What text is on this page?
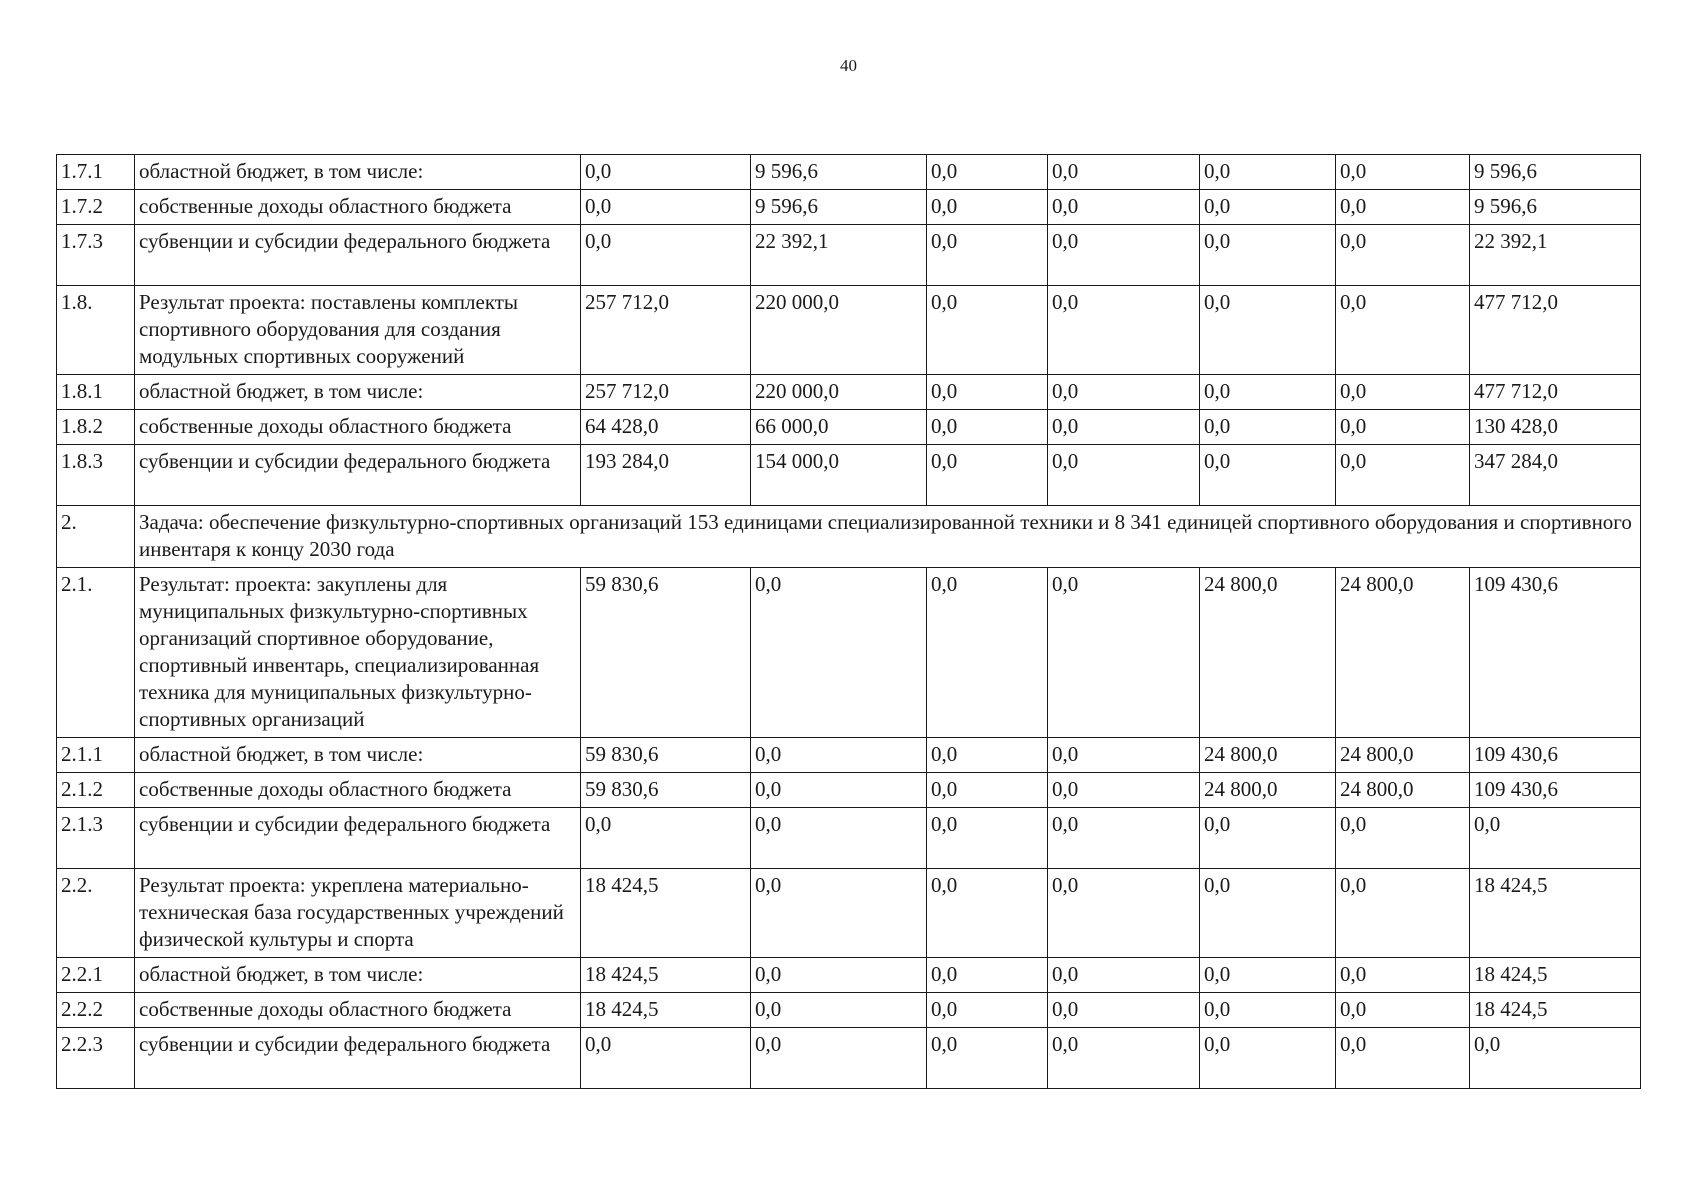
40
1.7.1	областной бюджет, в том числе:	0,0	9 596,6	0,0	0,0	0,0	0,0	9 596,6
1.7.2	собственные доходы областного бюджета	0,0	9 596,6	0,0	0,0	0,0	0,0	9 596,6
1.7.3	субвенции и субсидии федерального бюджета	0,0	22 392,1	0,0	0,0	0,0	0,0	22 392,1
1.8.	Результат проекта: поставлены комплекты спортивного оборудования для создания модульных спортивных сооружений	257 712,0	220 000,0	0,0	0,0	0,0	0,0	477 712,0
1.8.1	областной бюджет, в том числе:	257 712,0	220 000,0	0,0	0,0	0,0	0,0	477 712,0
1.8.2	собственные доходы областного бюджета	64 428,0	66 000,0	0,0	0,0	0,0	0,0	130 428,0
1.8.3	субвенции и субсидии федерального бюджета	193 284,0	154 000,0	0,0	0,0	0,0	0,0	347 284,0
2.	Задача: обеспечение физкультурно-спортивных организаций 153 единицами специализированной техники и 8 341 единицей спортивного оборудования и спортивного инвентаря к концу 2030 года							
2.1.	Результат: проекта: закуплены для муниципальных физкультурно-спортивных организаций спортивное оборудование, спортивный инвентарь, специализированная техника для муниципальных физкультурно-спортивных организаций	59 830,6	0,0	0,0	0,0	24 800,0	24 800,0	109 430,6
2.1.1	областной бюджет, в том числе:	59 830,6	0,0	0,0	0,0	24 800,0	24 800,0	109 430,6
2.1.2	собственные доходы областного бюджета	59 830,6	0,0	0,0	0,0	24 800,0	24 800,0	109 430,6
2.1.3	субвенции и субсидии федерального бюджета	0,0	0,0	0,0	0,0	0,0	0,0	0,0
2.2.	Результат проекта: укреплена материально-техническая база государственных учреждений физической культуры и спорта	18 424,5	0,0	0,0	0,0	0,0	0,0	18 424,5
2.2.1	областной бюджет, в том числе:	18 424,5	0,0	0,0	0,0	0,0	0,0	18 424,5
2.2.2	собственные доходы областного бюджета	18 424,5	0,0	0,0	0,0	0,0	0,0	18 424,5
2.2.3	субвенции и субсидии федерального бюджета	0,0	0,0	0,0	0,0	0,0	0,0	0,0
